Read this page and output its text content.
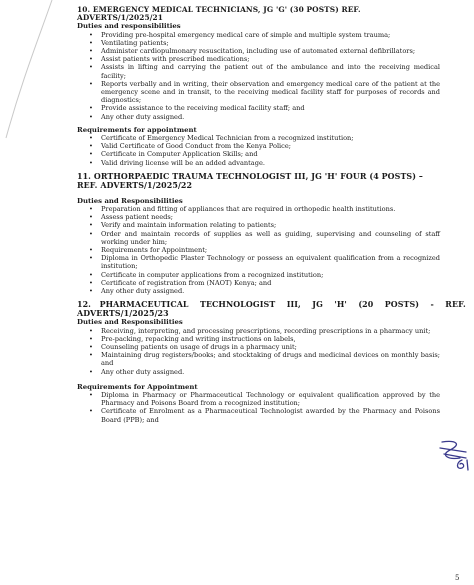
10. EMERGENCY MEDICAL TECHNICIANS, JG 'G' (30 POSTS) REF. ADVERTS/1/2025/21
Duties and responsibilities
• Providing pre-hospital emergency medical care of simple and multiple system trauma;
• Ventilating patients;
• Administer cardiopulmonary resuscitation, including use of automated external defibrillators;
• Assist patients with prescribed medications;
• Assists in lifting and carrying the patient out of the ambulance and into the receiving medical facility;
• Reports verbally and in writing, their observation and emergency medical care of the patient at the emergency scene and in transit, to the receiving medical facility staff for purposes of records and diagnostics;
• Provide assistance to the receiving medical facility staff; and
• Any other duty assigned.
Requirements for appointment
• Certificate of Emergency Medical Technician from a recognized institution;
• Valid Certificate of Good Conduct from the Kenya Police;
• Certificate in Computer Application Skills; and
• Valid driving license will be an added advantage.
11. ORTHORPAEDIC TRAUMA TECHNOLOGIST III, JG 'H' FOUR (4 POSTS) – REF. ADVERTS/1/2025/22
Duties and Responsibilities
• Preparation and fitting of appliances that are required in orthopedic health institutions.
• Assess patient needs;
• Verify and maintain information relating to patients;
• Order and maintain records of supplies as well as guiding, supervising and counseling of staff working under him;
• Requirements for Appointment;
• Diploma in Orthopedic Plaster Technology or possess an equivalent qualification from a recognized institution;
• Certificate in computer applications from a recognized institution;
• Certificate of registration from (NAOT) Kenya; and
• Any other duty assigned.
12.   PHARMACEUTICAL    TECHNOLOGIST    III,    JG    'H'    (20    POSTS)    -    REF.
ADVERTS/1/2025/23
Duties and Responsibilities
• Receiving, interpreting, and processing prescriptions, recording prescriptions in a pharmacy unit;
• Pre-packing, repacking and writing instructions on labels,
• Counseling patients on usage of drugs in a pharmacy unit;
• Maintaining drug registers/books; and stocktaking of drugs and medicinal devices on monthly basis; and
• Any other duty assigned.
Requirements for Appointment
• Diploma in Pharmacy or Pharmaceutical Technology or equivalent qualification approved by the Pharmacy and Poisons Board from a recognized institution;
• Certificate of Enrolment as a Pharmaceutical Technologist awarded by the Pharmacy and Poisons Board (PPB); and
5
